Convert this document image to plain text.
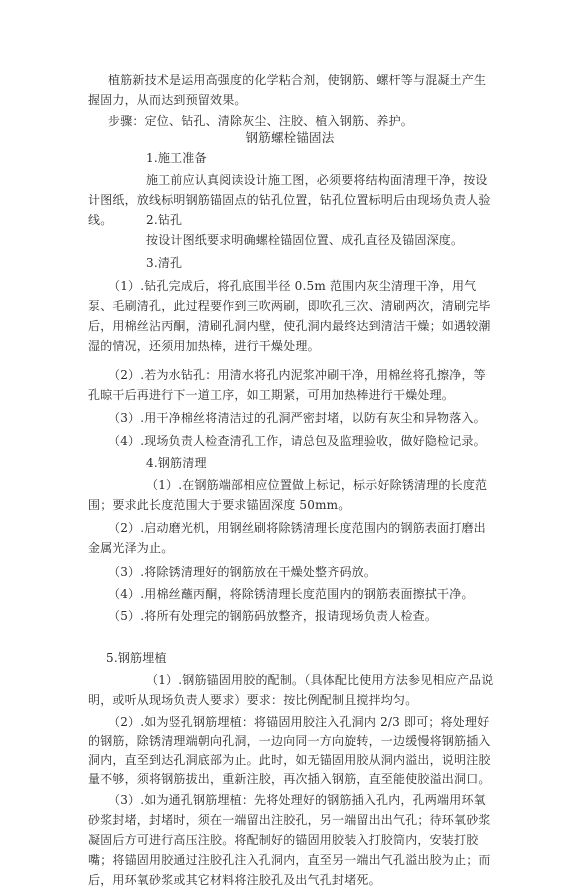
植筋新技术是运用高强度的化学粘合剂，使钢筋、螺杆等与混凝土产生握固力，从而达到预留效果。
步骤：定位、钻孔、清除灰尘、注胶、植入钢筋、养护。
钢筋螺栓锚固法
1.施工准备
施工前应认真阅读设计施工图，必须要将结构面清理干净，按设计图纸，放线标明钢筋锚固点的钻孔位置，钻孔位置标明后由现场负责人验线。	2.钻孔
按设计图纸要求明确螺栓锚固位置、成孔直径及锚固深度。
3.清孔
（1）.钻孔完成后，将孔底围半径 0.5m 范围内灰尘清理干净，用气泵、毛刷清孔，此过程要作到三吹两刷，即吹孔三次、清刷两次，清刷完毕后，用棉丝沾丙酮，清刷孔洞内壁，使孔洞内最终达到清洁干燥；如遇较潮湿的情况，还须用加热棒，进行干燥处理。
（2）.若为水钻孔：用清水将孔内泥浆冲刷干净，用棉丝将孔擦净，等孔晾干后再进行下一道工序，如工期紧，可用加热棒进行干燥处理。
（3）.用干净棉丝将清洁过的孔洞严密封堵，以防有灰尘和异物落入。
（4）.现场负责人检查清孔工作，请总包及监理验收，做好隐检记录。
4.钢筋清理
（1）.在钢筋端部相应位置做上标记，标示好除锈清理的长度范围；要求此长度范围大于要求锚固深度 50mm。
（2）.启动磨光机，用钢丝刷将除锈清理长度范围内的钢筋表面打磨出金属光泽为止。
（3）.将除锈清理好的钢筋放在干燥处整齐码放。
（4）.用棉丝蘸丙酮，将除锈清理长度范围内的钢筋表面擦拭干净。
（5）.将所有处理完的钢筋码放整齐，报请现场负责人检查。
5.钢筋埋植
（1）.钢筋锚固用胶的配制。（具体配比使用方法参见相应产品说明，或听从现场负责人要求）要求：按比例配制且搅拌均匀。
（2）.如为竖孔钢筋埋植：将锚固用胶注入孔洞内 2/3 即可；将处理好的钢筋，除锈清理端朝向孔洞，一边向同一方向旋转，一边缓慢将钢筋插入洞内，直至到达孔洞底部为止。此时，如无锚固用胶从洞内溢出，说明注胶量不够，须将钢筋拔出，重新注胶，再次插入钢筋，直至能使胶溢出洞口。
（3）.如为通孔钢筋埋植：先将处理好的钢筋插入孔内，孔两端用环氧砂浆封堵，封堵时，须在一端留出注胶孔，另一端留出出气孔；待环氧砂浆凝固后方可进行高压注胶。将配制好的锚固用胶装入打胶筒内，安装打胶嘴；将锚固用胶通过注胶孔注入孔洞内，直至另一端出气孔溢出胶为止；而后，用环氧砂浆或其它材料将注胶孔及出气孔封堵死。
